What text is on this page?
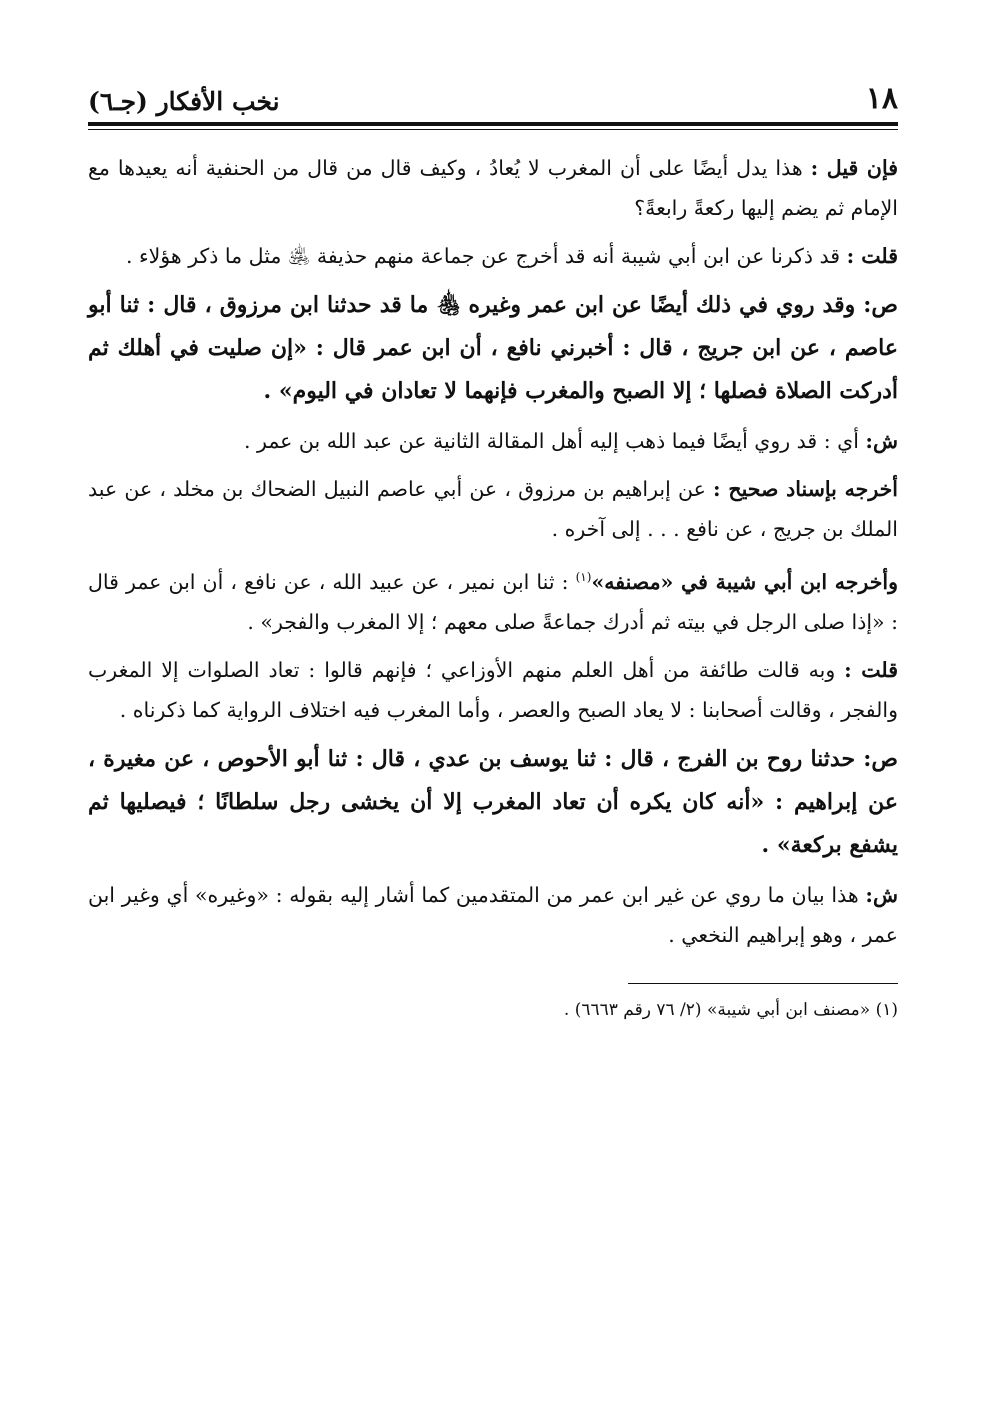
١٨
نخب الأفكار (جـ٦)

فإن قيل : هذا يدل أيضًا على أن المغرب لا يُعادُ ، وكيف قال من قال من الحنفية أنه يعيدها مع الإمام ثم يضم إليها ركعةً رابعةً؟

قلت : قد ذكرنا عن ابن أبي شيبة أنه قد أخرج عن جماعة منهم حذيفة ﵁ مثل ما ذكر هؤلاء .

ص: وقد روي في ذلك أيضًا عن ابن عمر وغيره ﵃ ما قد حدثنا ابن مرزوق ، قال : ثنا أبو عاصم ، عن ابن جريج ، قال : أخبرني نافع ، أن ابن عمر قال : «إن صليت في أهلك ثم أدركت الصلاة فصلها ؛ إلا الصبح والمغرب فإنهما لا تعادان في اليوم» .

ش: أي : قد روي أيضًا فيما ذهب إليه أهل المقالة الثانية عن عبد الله بن عمر .

أخرجه بإسناد صحيح : عن إبراهيم بن مرزوق ، عن أبي عاصم النبيل الضحاك بن مخلد ، عن عبد الملك بن جريج ، عن نافع . . . إلى آخره .

وأخرجه ابن أبي شيبة في «مصنفه»$^{(١)}$ : ثنا ابن نمير ، عن عبيد الله ، عن نافع ، أن ابن عمر قال : «إذا صلى الرجل في بيته ثم أدرك جماعةً صلى معهم ؛ إلا المغرب والفجر» .

قلت : وبه قالت طائفة من أهل العلم منهم الأوزاعي ؛ فإنهم قالوا : تعاد الصلوات إلا المغرب والفجر ، وقالت أصحابنا : لا يعاد الصبح والعصر ، وأما المغرب فيه اختلاف الرواية كما ذكرناه .

ص: حدثنا روح بن الفرج ، قال : ثنا يوسف بن عدي ، قال : ثنا أبو الأحوص ، عن مغيرة ، عن إبراهيم : «أنه كان يكره أن تعاد المغرب إلا أن يخشى رجل سلطانًا ؛ فيصليها ثم يشفع بركعة» .

ش: هذا بيان ما روي عن غير ابن عمر من المتقدمين كما أشار إليه بقوله : «وغيره» أي وغير ابن عمر ، وهو إبراهيم النخعي .

(١) «مصنف ابن أبي شيبة» (٢/ ٧٦ رقم ٦٦٦٣) .
